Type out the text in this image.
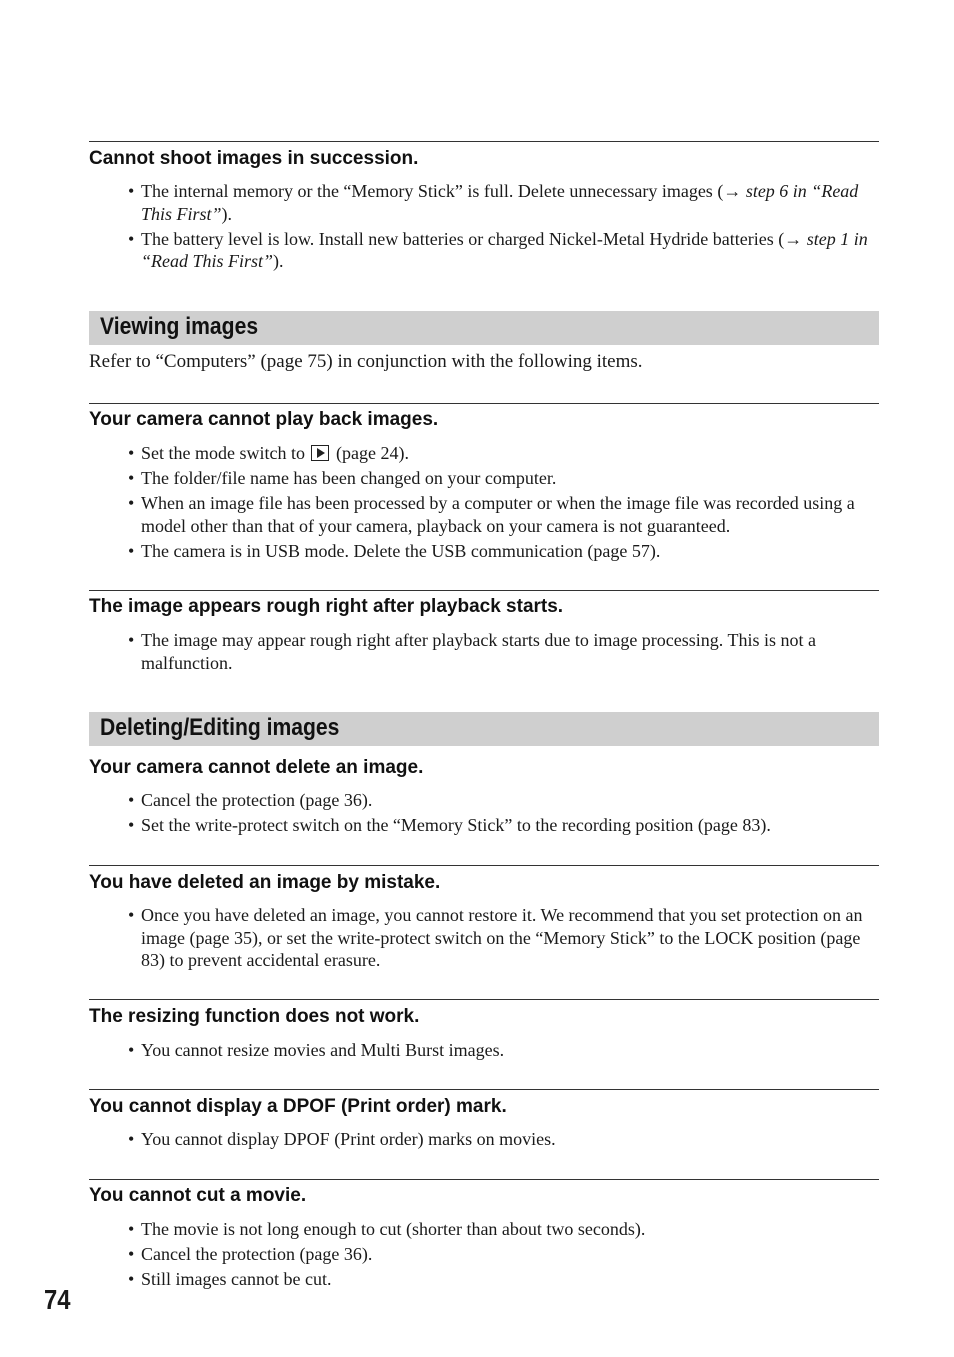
Cannot shoot images in succession.
• The internal memory or the “Memory Stick” is full. Delete unnecessary images (→ step 6 in “Read This First”).
• The battery level is low. Install new batteries or charged Nickel-Metal Hydride batteries (→ step 1 in “Read This First”).
Viewing images
Refer to “Computers” (page 75) in conjunction with the following items.
Your camera cannot play back images.
• Set the mode switch to (page 24).
• The folder/file name has been changed on your computer.
• When an image file has been processed by a computer or when the image file was recorded using a model other than that of your camera, playback on your camera is not guaranteed.
• The camera is in USB mode. Delete the USB communication (page 57).
The image appears rough right after playback starts.
• The image may appear rough right after playback starts due to image processing. This is not a malfunction.
Deleting/Editing images
Your camera cannot delete an image.
• Cancel the protection (page 36).
• Set the write-protect switch on the “Memory Stick” to the recording position (page 83).
You have deleted an image by mistake.
• Once you have deleted an image, you cannot restore it. We recommend that you set protection on an image (page 35), or set the write-protect switch on the “Memory Stick” to the LOCK position (page 83) to prevent accidental erasure.
The resizing function does not work.
• You cannot resize movies and Multi Burst images.
You cannot display a DPOF (Print order) mark.
• You cannot display DPOF (Print order) marks on movies.
You cannot cut a movie.
• The movie is not long enough to cut (shorter than about two seconds).
• Cancel the protection (page 36).
• Still images cannot be cut.
74
